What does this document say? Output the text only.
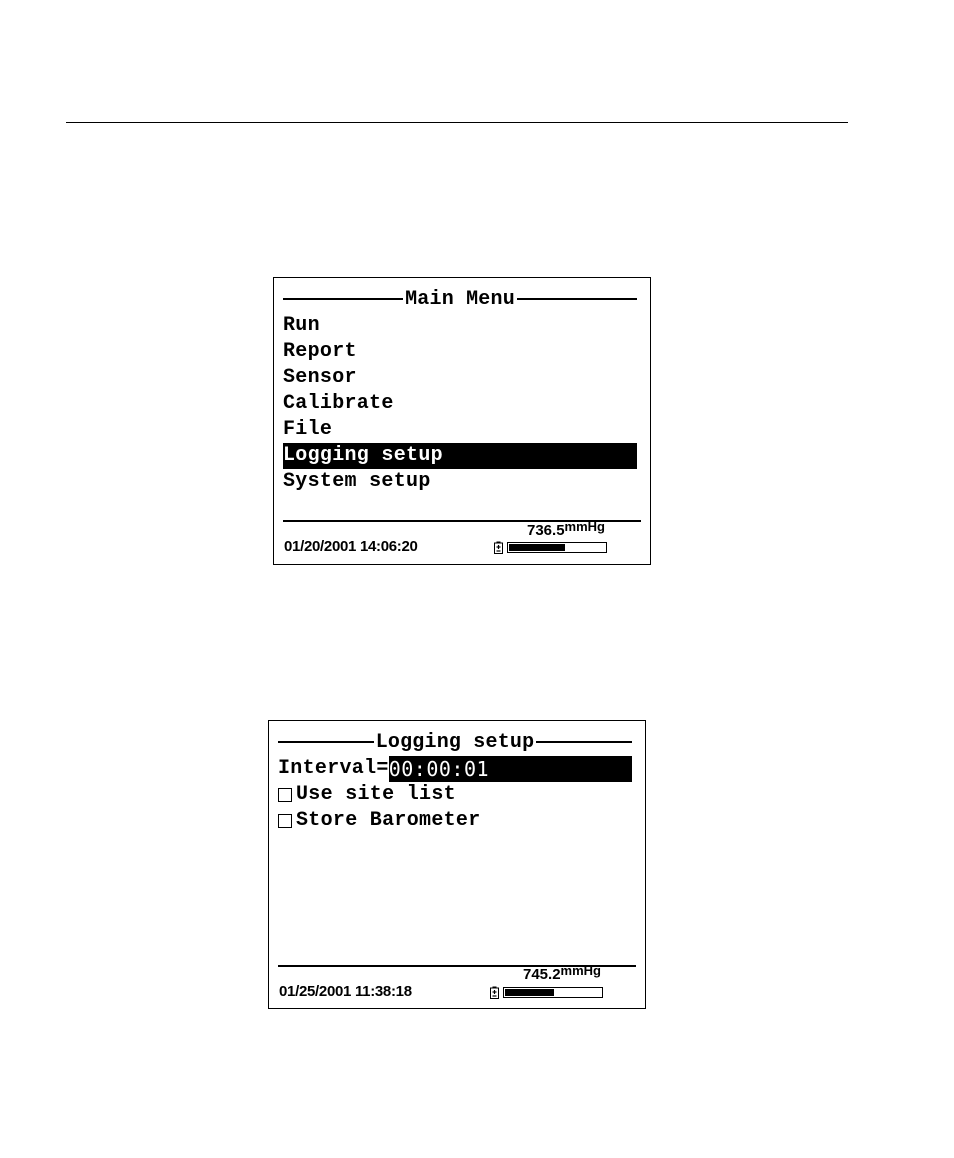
Main Menu
Run
Report
Sensor
Calibrate
File
Logging setup
System setup
01/20/2001 14:06:20
$736.5^{mmHg}$
Logging setup
Interval= 00:00:01
Use site list
Store Barometer
01/25/2001 11:38:18
$745.2^{mmHg}$
